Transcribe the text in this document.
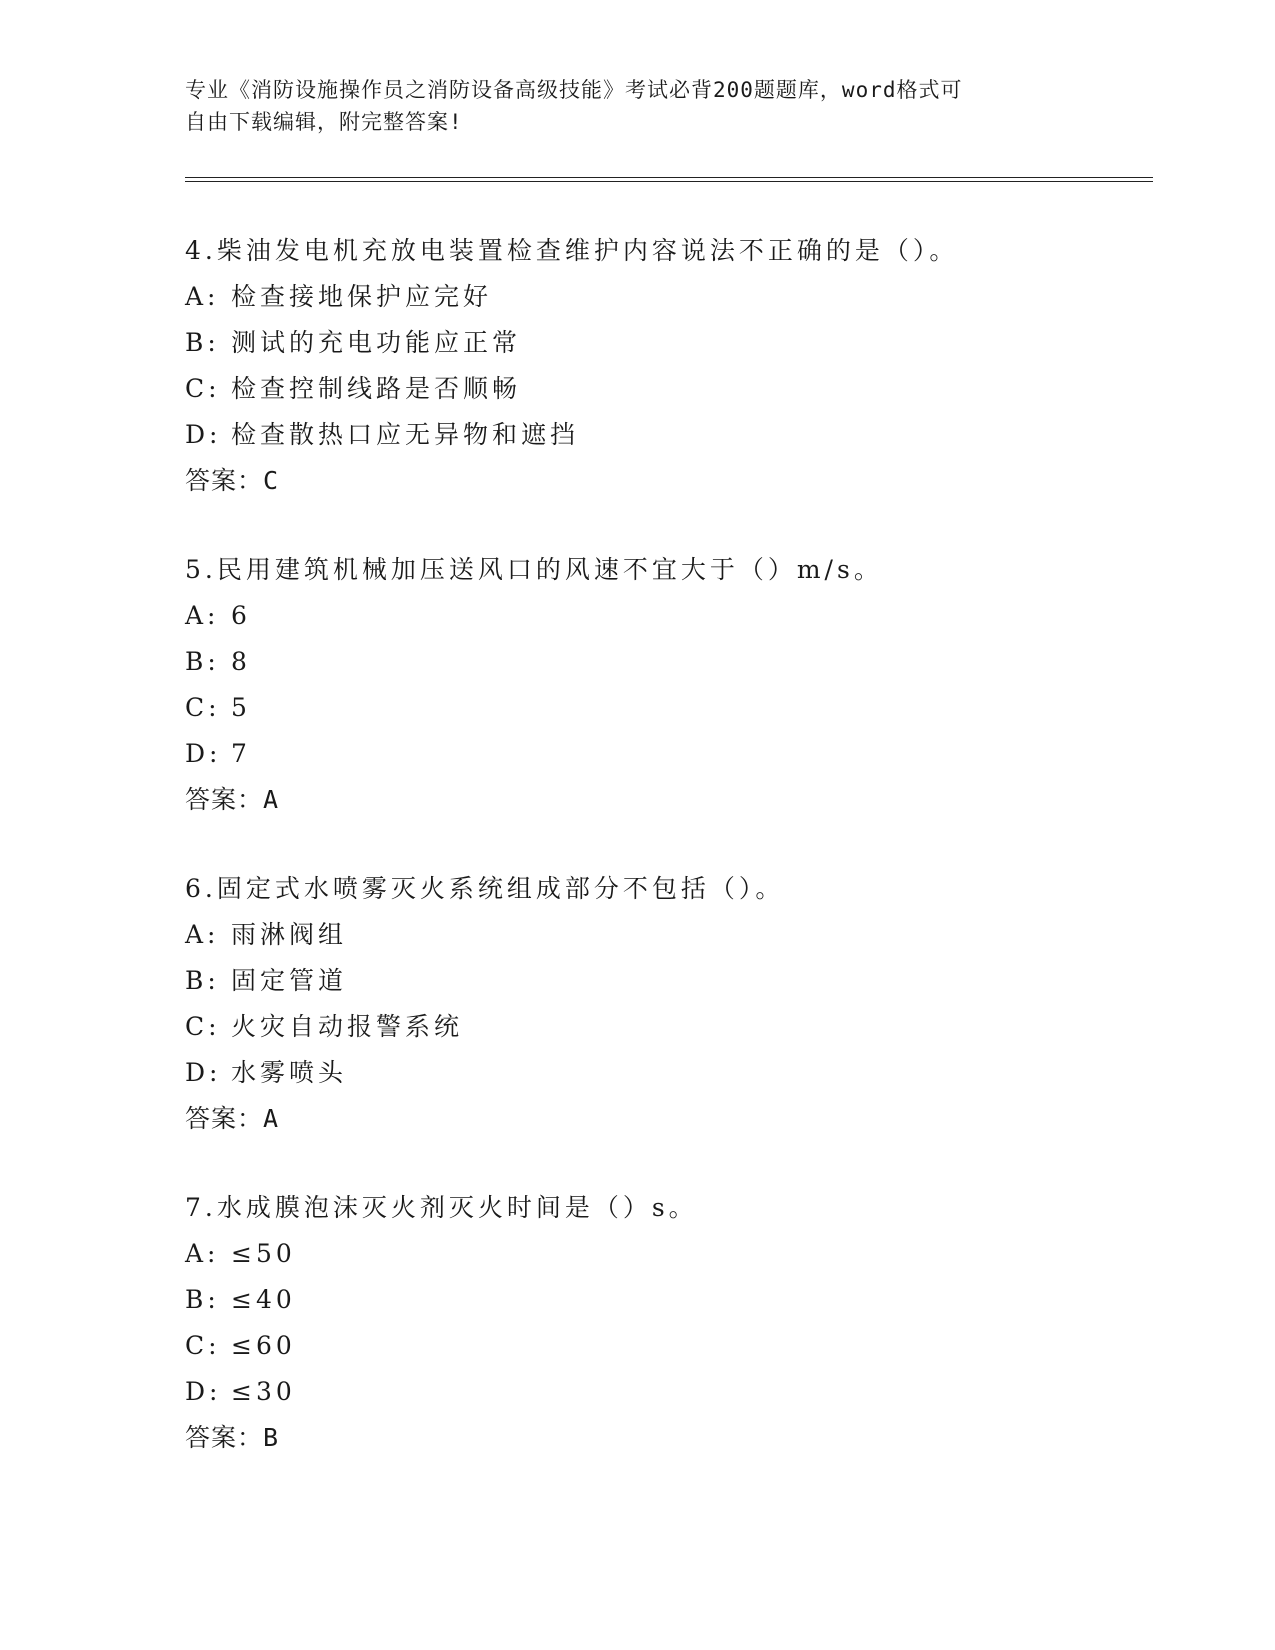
专业《消防设施操作员之消防设备高级技能》考试必背200题题库，word格式可
自由下载编辑，附完整答案!
4.柴油发电机充放电装置检查维护内容说法不正确的是（）。
A: 检查接地保护应完好
B: 测试的充电功能应正常
C: 检查控制线路是否顺畅
D: 检查散热口应无异物和遮挡
答案：C
5.民用建筑机械加压送风口的风速不宜大于（）m/s。
A: 6
B: 8
C: 5
D: 7
答案：A
6.固定式水喷雾灭火系统组成部分不包括（）。
A: 雨淋阀组
B: 固定管道
C: 火灾自动报警系统
D: 水雾喷头
答案：A
7.水成膜泡沫灭火剂灭火时间是（）s。
A: ≤50
B: ≤40
C: ≤60
D: ≤30
答案：B
